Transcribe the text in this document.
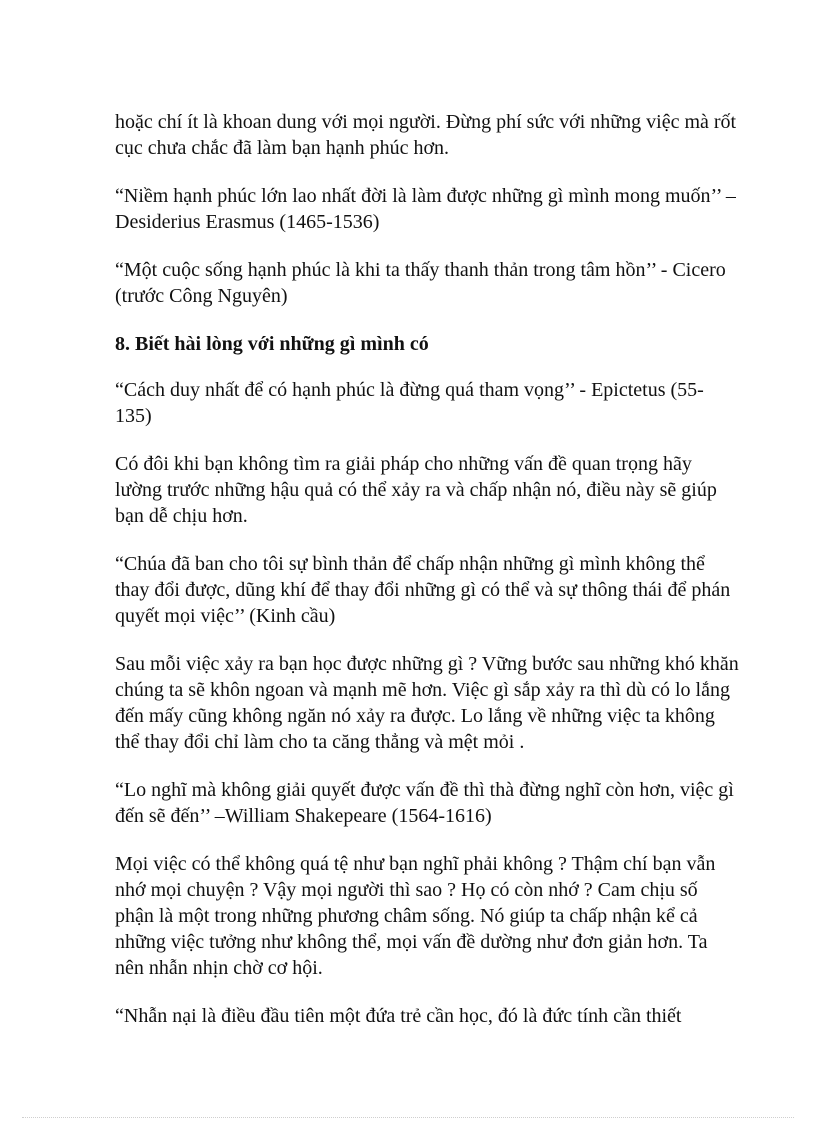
hoặc chí ít là khoan dung với mọi người. Đừng phí sức với những việc mà rốt cục chưa chắc đã làm bạn hạnh phúc hơn.

“Niềm hạnh phúc lớn lao nhất đời là làm được những gì mình mong muốn’’ – Desiderius Erasmus (1465-1536)

“Một cuộc sống hạnh phúc là khi ta thấy thanh thản trong tâm hồn’’ - Cicero (trước Công Nguyên)

8. Biết hài lòng với những gì mình có

“Cách duy nhất để có hạnh phúc là đừng quá tham vọng’’ - Epictetus (55-135)

Có đôi khi bạn không tìm ra giải pháp cho những vấn đề quan trọng hãy lường trước những hậu quả có thể xảy ra và chấp nhận nó, điều này sẽ giúp bạn dễ chịu hơn.

“Chúa đã ban cho tôi sự bình thản để chấp nhận những gì mình không thể thay đổi được, dũng khí để thay đổi những gì có thể và sự thông thái để phán quyết mọi việc’’ (Kinh cầu)

Sau mỗi việc xảy ra bạn học được những gì ? Vững bước sau những khó khăn chúng ta sẽ khôn ngoan và mạnh mẽ hơn. Việc gì sắp xảy ra thì dù có lo lắng đến mấy cũng không ngăn nó xảy ra được. Lo lắng về những việc ta không thể thay đổi chỉ làm cho ta căng thẳng và mệt mỏi .

“Lo nghĩ mà không giải quyết được vấn đề thì thà đừng nghĩ còn hơn, việc gì đến sẽ đến’’ –William Shakepeare (1564-1616)

Mọi việc có thể không quá tệ như bạn nghĩ phải không ? Thậm chí bạn vẫn nhớ mọi chuyện ? Vậy mọi người thì sao ? Họ có còn nhớ ? Cam chịu số phận là một trong những phương châm sống. Nó giúp ta chấp nhận kể cả những việc tưởng như không thể, mọi vấn đề dường như đơn giản hơn. Ta nên nhẫn nhịn chờ cơ hội.

“Nhẫn nại là điều đầu tiên một đứa trẻ cần học, đó là đức tính cần thiết
